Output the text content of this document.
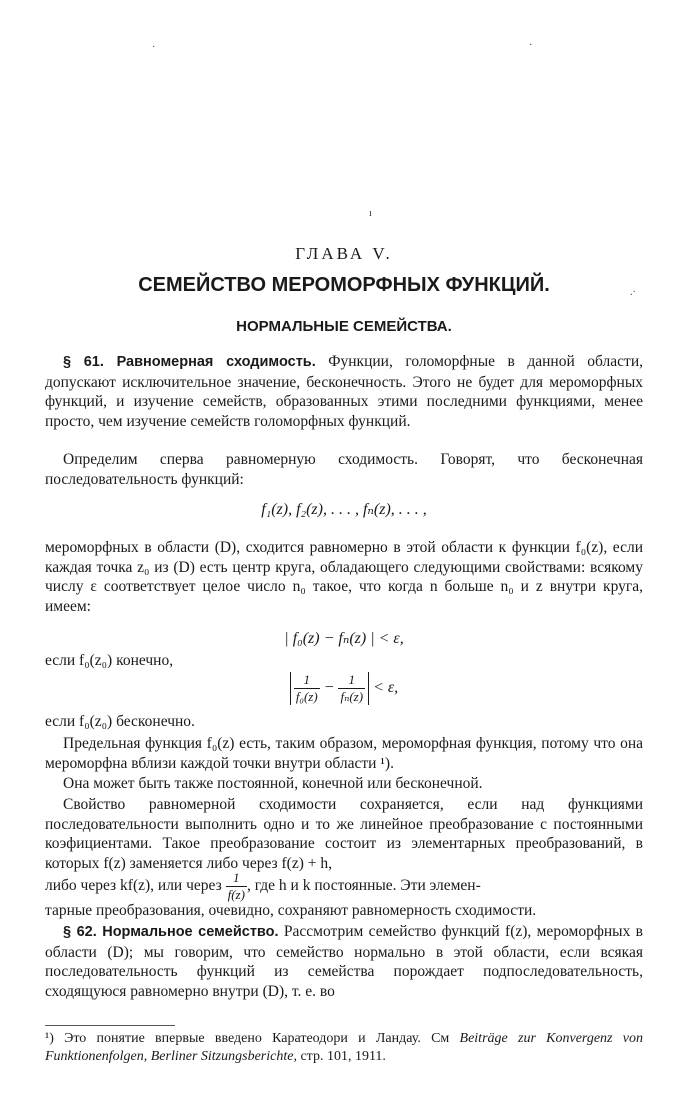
·	·
ı
.·
ГЛАВА V.
СЕМЕЙСТВО МЕРОМОРФНЫХ ФУНКЦИЙ.
НОРМАЛЬНЫЕ СЕМЕЙСТВА.
§ 61. Равномерная сходимость. Функции, голоморфные в данной области, допускают исключительное значение, бесконечность. Этого не будет для мероморфных функций, и изучение семейств, образованных этими последними функциями, менее просто, чем изучение семейств голоморфных функций.
Определим сперва равномерную сходимость. Говорят, что бесконечная последовательность функций:
f₁(z), f₂(z), . . . , fₙ(z), . . . ,
мероморфных в области (D), сходится равномерно в этой области к функции f₀(z), если каждая точка z₀ из (D) есть центр круга, обладающего следующими свойствами: всякому числу ε соответствует целое число n₀ такое, что когда n больше n₀ и z внутри круга, имеем:
| f₀(z) − fₙ(z) | < ε,
если f₀(z₀) конечно,
$\frac{1}{\text{f₀(z)}} - \frac{1}{\text{fₙ(z)}} < \varepsilon$,
если f₀(z₀) бесконечно.
Предельная функция f₀(z) есть, таким образом, мероморфная функция, потому что она мероморфна вблизи каждой точки внутри области ¹).
Она может быть также постоянной, конечной или бесконечной.
Свойство равномерной сходимости сохраняется, если над функциями последовательности выполнить одно и то же линейное преобразование с постоянными коэфициентами. Такое преобразование состоит из элементарных преобразований, в которых f(z) заменяется либо через f(z) + h,
либо через kf(z), или через $\frac{1}{f(z)}$ , где h и k постоянные. Эти элемен-
тарные преобразования, очевидно, сохраняют равномерность сходимости.
§ 62. Нормальное семейство. Рассмотрим семейство функций f(z), мероморфных в области (D); мы говорим, что семейство нормально в этой области, если всякая последовательность функций из семейства порождает подпоследовательность, сходящуюся равномерно внутри (D), т. е. во
¹) Это понятие впервые введено Каратеодори и Ландау. См Beiträge zur Konvergenz von Funktionenfolgen, Berliner Sitzungsberichte, стр. 101, 1911.
